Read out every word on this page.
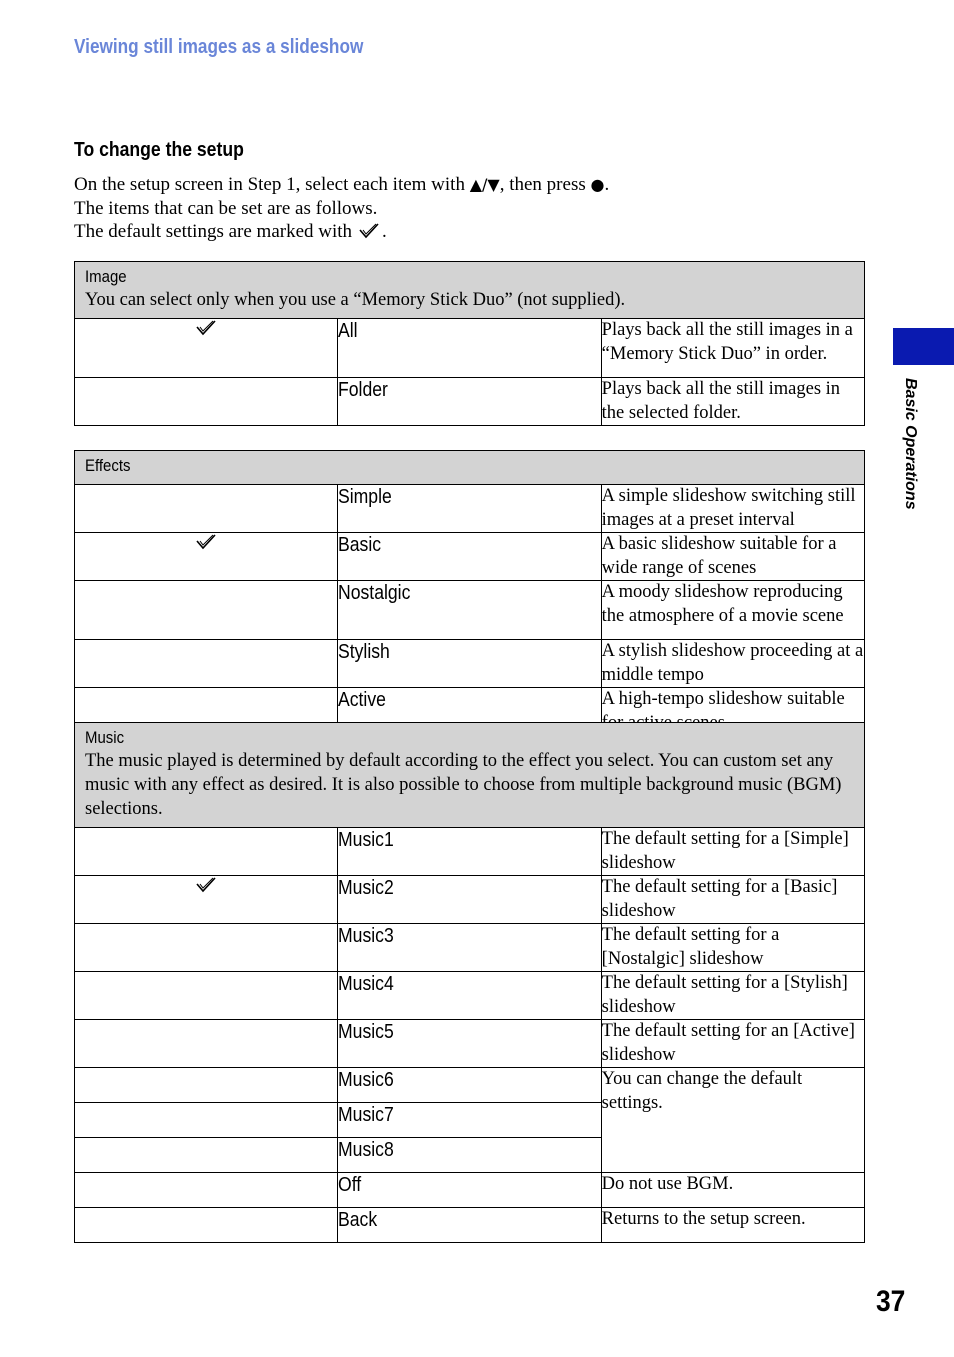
Viewing still images as a slideshow
To change the setup

On the setup screen in Step 1, select each item with ▲/▼, then press ●.

The items that can be set are as follows.

The default settings are marked with .

Image
You can select only when you use a “Memory Stick Duo” (not supplied).		

	All	Plays back all the still images in a “Memory Stick Duo” in order.
	Folder	Plays back all the still images in the selected folder.
Effects		
	Simple	A simple slideshow switching still images at a preset interval
	Basic	A basic slideshow suitable for a wide range of scenes
	Nostalgic	A moody slideshow reproducing the atmosphere of a movie scene
	Stylish	A stylish slideshow proceeding at a middle tempo
	Active	A high-tempo slideshow suitable
Music
The music played is determined by default according to the effect you select. You can custom set any music with any effect as desired. It is also possible to choose from multiple background music (BGM) selections.		

	Music1	The default setting for a [Simple] slideshow
	Music2	The default setting for a [Basic] slideshow
	Music3	The default setting for a [Nostalgic] slideshow
	Music4	The default setting for a [Stylish] slideshow
	Music5	The default setting for an [Active] slideshow
	Music6	You can change the default settings.
	Music7	
	Music8	
	Off	Do not use BGM.
	Back	Returns to the setup screen.
Basic Operations
37
